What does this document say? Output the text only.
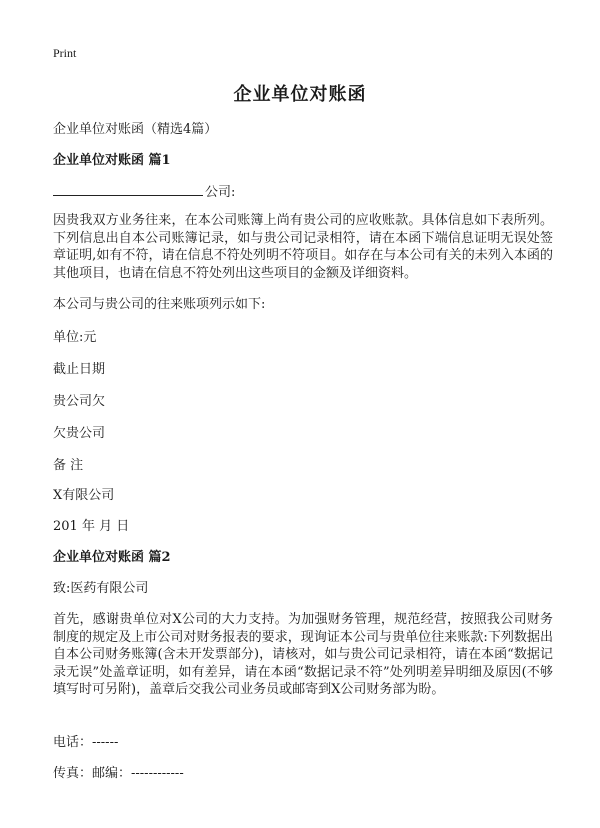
Print
企业单位对账函
企业单位对账函（精选4篇）
企业单位对账函 篇1
公司:
因贵我双方业务往来，在本公司账簿上尚有贵公司的应收账款。具体信息如下表所列。下列信息出自本公司账簿记录，如与贵公司记录相符，请在本函下端信息证明无误处签章证明,如有不符，请在信息不符处列明不符项目。如存在与本公司有关的未列入本函的其他项目，也请在信息不符处列出这些项目的金额及详细资料。
本公司与贵公司的往来账项列示如下:
单位:元
截止日期
贵公司欠
欠贵公司
备 注
X有限公司
201 年 月 日
企业单位对账函 篇2
致:医药有限公司
首先，感谢贵单位对X公司的大力支持。为加强财务管理，规范经营，按照我公司财务制度的规定及上市公司对财务报表的要求，现询证本公司与贵单位往来账款:下列数据出自本公司财务账簿(含未开发票部分)，请核对，如与贵公司记录相符，请在本函“数据记录无误”处盖章证明，如有差异，请在本函“数据记录不符”处列明差异明细及原因(不够填写时可另附)，盖章后交我公司业务员或邮寄到X公司财务部为盼。
电话：------
传真：邮编：------------
